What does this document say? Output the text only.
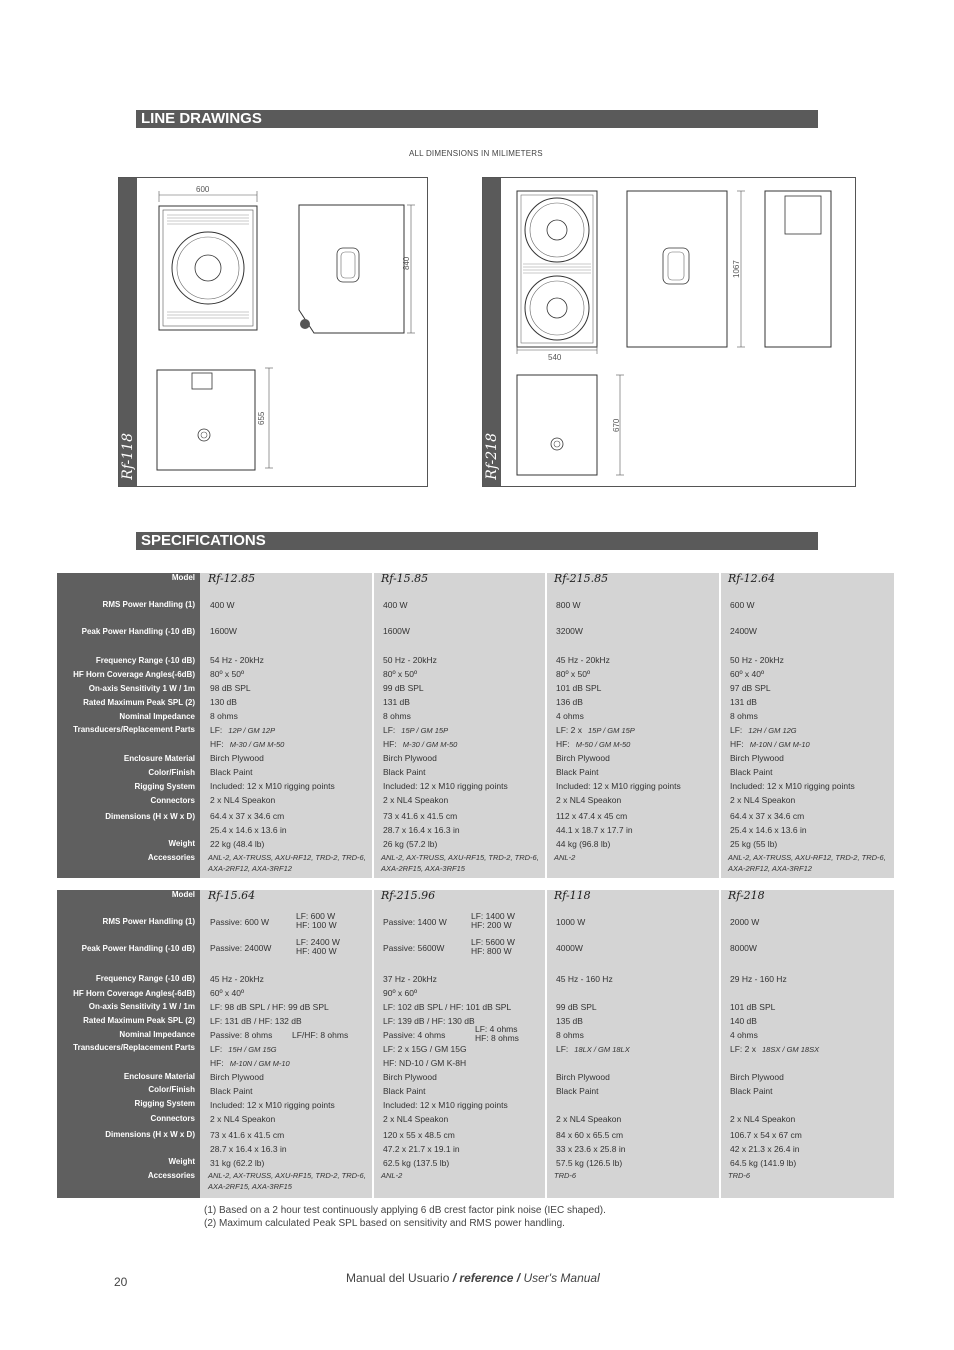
LINE DRAWINGS
ALL DIMENSIONS IN MILIMETERS
Rf-118
600
840
655
Rf-218
540
1067
670
SPECIFICATIONS
Model
RMS Power Handling (1)
Peak Power Handling (-10 dB)
Frequency Range (-10 dB)
HF Horn Coverage Angles(-6dB)
On-axis Sensitivity 1 W / 1m
Rated Maximum Peak SPL (2)
Nominal Impedance
Transducers/Replacement Parts
Enclosure Material
Color/Finish
Rigging System
Connectors
Dimensions (H x W x D)
Weight
Accessories
Rf-12.85
400 W
1600W
54 Hz - 20kHz
80º x 50º
98 dB SPL
130 dB
8 ohms
Birch Plywood
Black Paint
Included: 12 x M10 rigging points
2 x NL4 Speakon
64.4 x 37 x 34.6 cm
25.4 x 14.6 x 13.6 in
22 kg (48.4 lb)
LF: 12P / GM 12P
HF: M-30 / GM M-50
ANL-2, AX-TRUSS, AXU-RF12, TRD-2, TRD-6, AXA-2RF12, AXA-3RF12
Rf-15.85
400 W
1600W
50 Hz - 20kHz
80º x 50º
99 dB SPL
131 dB
8 ohms
Birch Plywood
Black Paint
Included: 12 x M10 rigging points
2 x NL4 Speakon
73 x 41.6 x 41.5 cm
28.7 x 16.4 x 16.3 in
26 kg (57.2 lb)
LF: 15P / GM 15P
HF: M-30 / GM M-50
ANL-2, AX-TRUSS, AXU-RF15, TRD-2, TRD-6, AXA-2RF15, AXA-3RF15
Rf-215.85
800 W
3200W
45 Hz - 20kHz
80º x 50º
101 dB SPL
136 dB
4 ohms
Birch Plywood
Black Paint
Included: 12 x M10 rigging points
2 x NL4 Speakon
112 x 47.4 x 45 cm
44.1 x 18.7 x 17.7 in
44 kg (96.8 lb)
LF: 2 x 15P / GM 15P
HF: M-50 / GM M-50
ANL-2
Rf-12.64
600 W
2400W
50 Hz - 20kHz
60º x 40º
97 dB SPL
131 dB
8 ohms
Birch Plywood
Black Paint
Included: 12 x M10 rigging points
2 x NL4 Speakon
64.4 x 37 x 34.6 cm
25.4 x 14.6 x 13.6 in
25 kg (55 lb)
LF: 12H / GM 12G
HF: M-10N / GM M-10
ANL-2, AX-TRUSS, AXU-RF12, TRD-2, TRD-6, AXA-2RF12, AXA-3RF12
Model
RMS Power Handling (1)
Peak Power Handling (-10 dB)
Frequency Range (-10 dB)
HF Horn Coverage Angles(-6dB)
On-axis Sensitivity 1 W / 1m
Rated Maximum Peak SPL (2)
Nominal Impedance
Transducers/Replacement Parts
Enclosure Material
Color/Finish
Rigging System
Connectors
Dimensions (H x W x D)
Weight
Accessories
Rf-15.64
Passive: 600 W
Passive: 2400W
LF: 600 W
HF: 100 W
LF: 2400 W
HF: 400 W
45 Hz - 20kHz
60º x 40º
LF: 98 dB SPL / HF: 99 dB SPL
LF: 131 dB / HF: 132 dB
Passive: 8 ohms LF/HF: 8 ohms
LF: 15H / GM 15G
HF: M-10N / GM M-10
Birch Plywood
Black Paint
Included: 12 x M10 rigging points
2 x NL4 Speakon
73 x 41.6 x 41.5 cm
28.7 x 16.4 x 16.3 in
31 kg (62.2 lb)
ANL-2, AX-TRUSS, AXU-RF15, TRD-2, TRD-6, AXA-2RF15, AXA-3RF15
Rf-215.96
Passive: 1400 W
Passive: 5600W
LF: 1400 W
HF: 200 W
LF: 5600 W
HF: 800 W
37 Hz - 20kHz
90º x 60º
LF: 102 dB SPL / HF: 101 dB SPL
LF: 139 dB / HF: 130 dB
Passive: 4 ohms
LF: 4 ohms
HF: 8 ohms
LF: 2 x 15G / GM 15G
HF: ND-10 / GM K-8H
Birch Plywood
Black Paint
Included: 12 x M10 rigging points
2 x NL4 Speakon
120 x 55 x 48.5 cm
47.2 x 21.7 x 19.1 in
62.5 kg (137.5 lb)
ANL-2
Rf-118
1000 W
4000W
45 Hz - 160 Hz
99 dB SPL
135 dB
8 ohms
LF: 18LX / GM 18LX
Birch Plywood
Black Paint
2 x NL4 Speakon
84 x 60 x 65.5 cm
33 x 23.6 x 25.8 in
57.5 kg (126.5 lb)
TRD-6
Rf-218
2000 W
8000W
29 Hz - 160 Hz
101 dB SPL
140 dB
4 ohms
LF: 2 x 18SX / GM 18SX
Birch Plywood
Black Paint
2 x NL4 Speakon
106.7 x 54 x 67 cm
42 x 21.3 x 26.4 in
64.5 kg (141.9 lb)
TRD-6
(1) Based on a 2 hour test continuously applying 6 dB crest factor pink noise (IEC shaped).
(2) Maximum calculated Peak SPL based on sensitivity and RMS power handling.
20	Manual del Usuario / reference / User's Manual
